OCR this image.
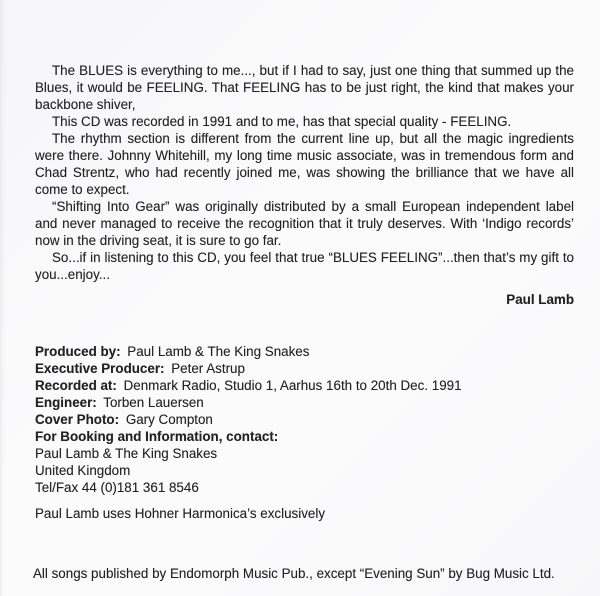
The BLUES is everything to me..., but if I had to say, just one thing that summed up the Blues, it would be FEELING. That FEELING has to be just right, the kind that makes your backbone shiver,

This CD was recorded in 1991 and to me, has that special quality - FEELING.

The rhythm section is different from the current line up, but all the magic ingredients were there. Johnny Whitehill, my long time music associate, was in tremendous form and Chad Strentz, who had recently joined me, was showing the brilliance that we have all come to expect.

“Shifting Into Gear” was originally distributed by a small European independent label and never managed to receive the recognition that it truly deserves. With ‘Indigo records’ now in the driving seat, it is sure to go far.

So...if in listening to this CD, you feel that true “BLUES FEELING”...then that’s my gift to you...enjoy...

Paul Lamb
Produced by: Paul Lamb & The King Snakes
Executive Producer: Peter Astrup
Recorded at: Denmark Radio, Studio 1, Aarhus 16th to 20th Dec. 1991
Engineer: Torben Lauersen
Cover Photo: Gary Compton
For Booking and Information, contact:
Paul Lamb & The King Snakes
United Kingdom
Tel/Fax 44 (0)181 361 8546
Paul Lamb uses Hohner Harmonica’s exclusively
All songs published by Endomorph Music Pub., except “Evening Sun” by Bug Music Ltd.
